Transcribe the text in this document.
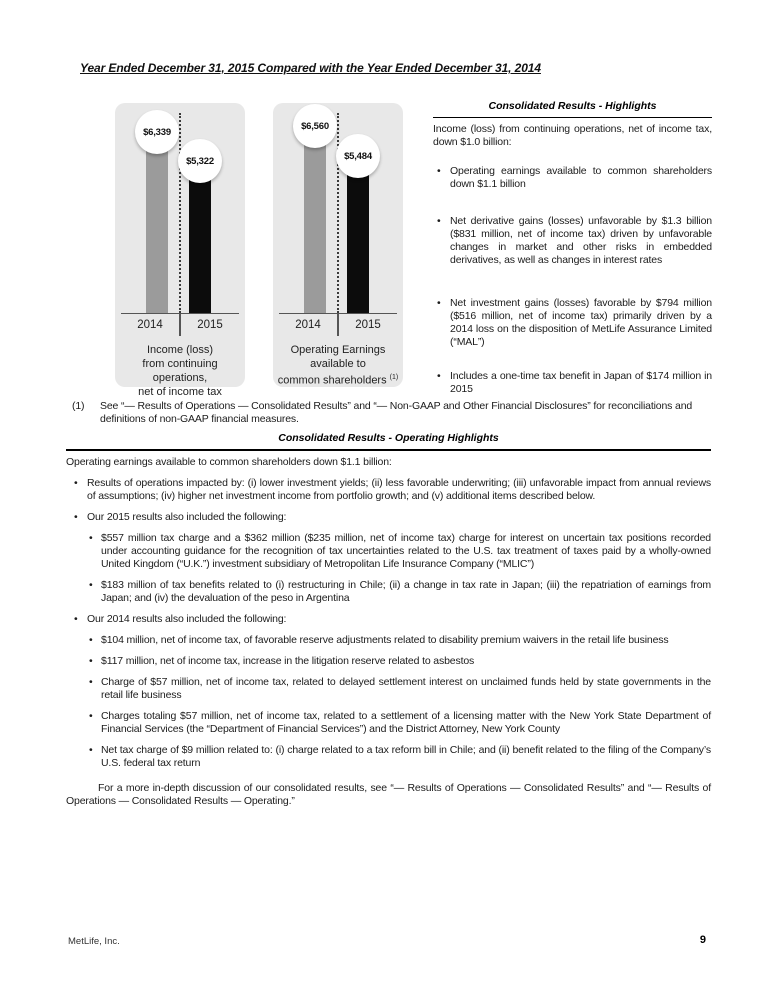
Year Ended December 31, 2015 Compared with the Year Ended December 31, 2014
$6,339
$5,322
2014	2015
Income (loss)
from continuing operations,
net of income tax
$6,560
$5,484
2014	2015
Operating Earnings
available to
common shareholders $^{(1)}$
Consolidated Results - Highlights
Income (loss) from continuing operations, net of income tax, down $1.0 billion:
• Operating earnings available to common shareholders down $1.1 billion
• Net derivative gains (losses) unfavorable by $1.3 billion ($831 million, net of income tax) driven by unfavorable changes in market and other risks in embedded derivatives, as well as changes in interest rates
• Net investment gains (losses) favorable by $794 million ($516 million, net of income tax) primarily driven by a 2014 loss on the disposition of MetLife Assurance Limited (“MAL”)
• Includes a one-time tax benefit in Japan of $174 million in 2015
(1)	See “— Results of Operations — Consolidated Results” and “— Non-GAAP and Other Financial Disclosures” for reconciliations and definitions of non-GAAP financial measures.
Consolidated Results - Operating Highlights
Operating earnings available to common shareholders down $1.1 billion:
• Results of operations impacted by: (i) lower investment yields; (ii) less favorable underwriting; (iii) unfavorable impact from annual reviews of assumptions; (iv) higher net investment income from portfolio growth; and (v) additional items described below.
• Our 2015 results also included the following:
• $557 million tax charge and a $362 million ($235 million, net of income tax) charge for interest on uncertain tax positions recorded under accounting guidance for the recognition of tax uncertainties related to the U.S. tax treatment of taxes paid by a wholly-owned United Kingdom (“U.K.”) investment subsidiary of Metropolitan Life Insurance Company (“MLIC”)
• $183 million of tax benefits related to (i) restructuring in Chile; (ii) a change in tax rate in Japan; (iii) the repatriation of earnings from Japan; and (iv) the devaluation of the peso in Argentina
• Our 2014 results also included the following:
• $104 million, net of income tax, of favorable reserve adjustments related to disability premium waivers in the retail life business
• $117 million, net of income tax, increase in the litigation reserve related to asbestos
• Charge of $57 million, net of income tax, related to delayed settlement interest on unclaimed funds held by state governments in the retail life business
• Charges totaling $57 million, net of income tax, related to a settlement of a licensing matter with the New York State Department of Financial Services (the “Department of Financial Services”) and the District Attorney, New York County
• Net tax charge of $9 million related to: (i) charge related to a tax reform bill in Chile; and (ii) benefit related to the filing of the Company’s U.S. federal tax return
For a more in-depth discussion of our consolidated results, see “— Results of Operations — Consolidated Results” and “— Results of Operations — Consolidated Results — Operating.”
MetLife, Inc.	9
